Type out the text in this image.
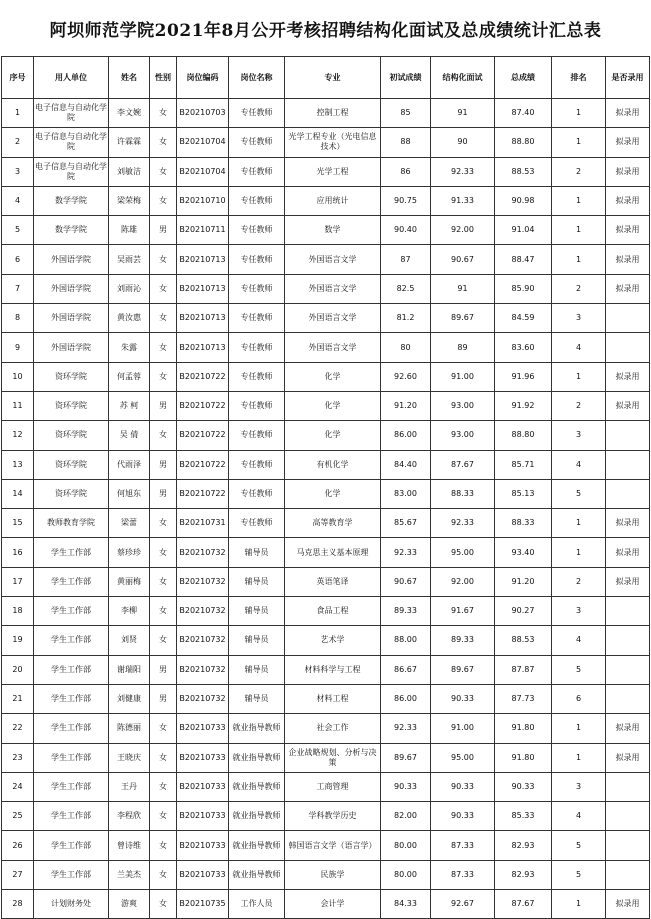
阿坝师范学院2021年8月公开考核招聘结构化面试及总成绩统计汇总表
序号	用人单位	姓名	性别	岗位编码	岗位名称	专业	初试成绩	结构化面试	总成绩	排名	是否录用
1	电子信息与自动化学院	李文婉	女	B20210703	专任教师	控制工程	85	91	87.40	1	拟录用
2	电子信息与自动化学院	许霖霖	女	B20210704	专任教师	光学工程专业（光电信息技术）	88	90	88.80	1	拟录用
3	电子信息与自动化学院	刘敏洁	女	B20210704	专任教师	光学工程	86	92.33	88.53	2	拟录用
4	数学学院	梁荣梅	女	B20210710	专任教师	应用统计	90.75	91.33	90.98	1	拟录用
5	数学学院	陈雄	男	B20210711	专任教师	数学	90.40	92.00	91.04	1	拟录用
6	外国语学院	吴雨芸	女	B20210713	专任教师	外国语言文学	87	90.67	88.47	1	拟录用
7	外国语学院	刘雨沁	女	B20210713	专任教师	外国语言文学	82.5	91	85.90	2	拟录用
8	外国语学院	黄汝惠	女	B20210713	专任教师	外国语言文学	81.2	89.67	84.59	3	
9	外国语学院	朱露	女	B20210713	专任教师	外国语言文学	80	89	83.60	4	
10	资环学院	何孟蓉	女	B20210722	专任教师	化学	92.60	91.00	91.96	1	拟录用
11	资环学院	苏 柯	男	B20210722	专任教师	化学	91.20	93.00	91.92	2	拟录用
12	资环学院	吴 倩	女	B20210722	专任教师	化学	86.00	93.00	88.80	3	
13	资环学院	代雨泽	男	B20210722	专任教师	有机化学	84.40	87.67	85.71	4	
14	资环学院	何旭东	男	B20210722	专任教师	化学	83.00	88.33	85.13	5	
15	教师教育学院	梁蕾	女	B20210731	专任教师	高等教育学	85.67	92.33	88.33	1	拟录用
16	学生工作部	蔡珍珍	女	B20210732	辅导员	马克思主义基本原理	92.33	95.00	93.40	1	拟录用
17	学生工作部	黄丽梅	女	B20210732	辅导员	英语笔译	90.67	92.00	91.20	2	拟录用
18	学生工作部	李柳	女	B20210732	辅导员	食品工程	89.33	91.67	90.27	3	
19	学生工作部	刘贤	女	B20210732	辅导员	艺术学	88.00	89.33	88.53	4	
20	学生工作部	谢瑞阳	男	B20210732	辅导员	材料科学与工程	86.67	89.67	87.87	5	
21	学生工作部	刘健康	男	B20210732	辅导员	材料工程	86.00	90.33	87.73	6	
22	学生工作部	陈德丽	女	B20210733	就业指导教师	社会工作	92.33	91.00	91.80	1	拟录用
23	学生工作部	王晓庆	女	B20210733	就业指导教师	企业战略规划、分析与决策	89.67	95.00	91.80	1	拟录用
24	学生工作部	王丹	女	B20210733	就业指导教师	工商管理	90.33	90.33	90.33	3	
25	学生工作部	李程欣	女	B20210733	就业指导教师	学科教学历史	82.00	90.33	85.33	4	
26	学生工作部	曾诗维	女	B20210733	就业指导教师	韩国语言文学（语言学）	80.00	87.33	82.93	5	
27	学生工作部	兰美杰	女	B20210733	就业指导教师	民族学	80.00	87.33	82.93	5	
28	计划财务处	游爽	女	B20210735	工作人员	会计学	84.33	92.67	87.67	1	拟录用
